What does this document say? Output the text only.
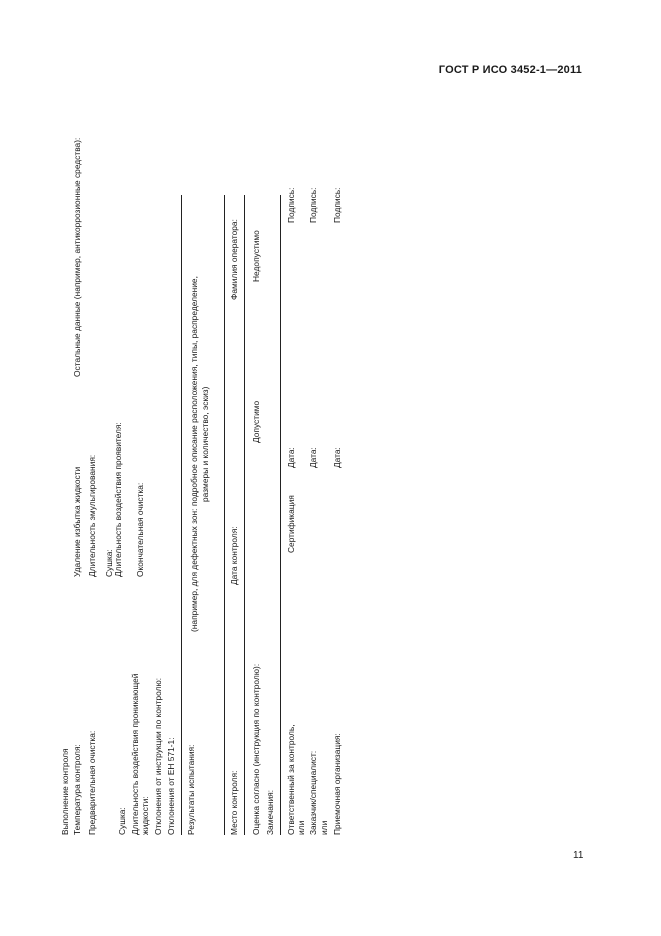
ГОСТ Р ИСО 3452-1—2011
Выполнение контроля Температура контроля:
Удаление избытка жидкости
Остальные данные (например, антикоррозионные средства):
Предварительная очистка:
Длительность эмульгирования:
Сушка:
Сушка: Длительность воздействия проявителя:
Длительность воздействия проникающей жидкости:
Окончательная очистка:
Отклонения от инструкции по контролю: Отклонения от ЕН 571-1: Результаты испытания:
(например, для дефектных зон: подробное описание расположения, типы, распределение, размеры и количество, эскиз)
Место контроля:
Дата контроля:
Фамилия оператора:
Оценка согласно (инструкция по контролю):
Допустимо
Недопустимо
Замечания: Ответственный за контроль,
Сертификация
Дата:
Подпись:
или Заказчик/специалист:
Дата:
Подпись:
или Приемочная организация:
Дата:
Подпись:
11
